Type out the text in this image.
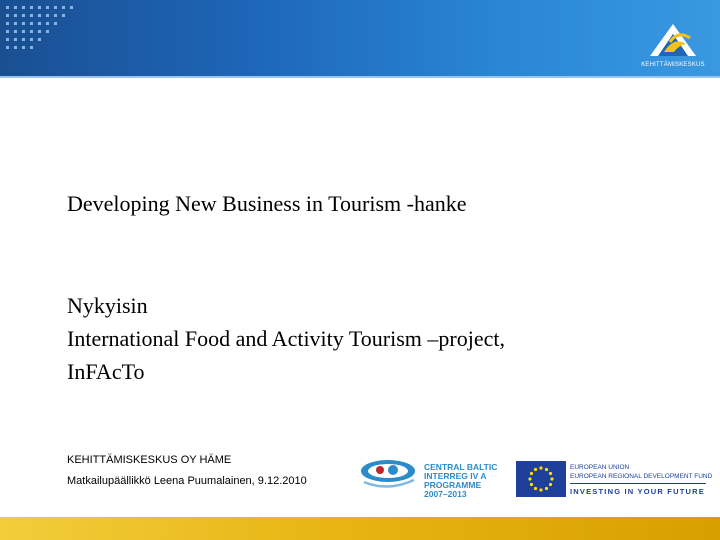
KEHITTÄMISKESKUS
Developing New Business in Tourism -hanke
Nykyisin
International Food and Activity Tourism –project,
InFAcTo
KEHITTÄMISKESKUS OY HÄME
Matkailupäällikkö Leena Puumalainen, 9.12.2010
CENTRAL BALTIC
INTERREG IV A
PROGRAMME
2007–2013
EUROPEAN UNION
EUROPEAN REGIONAL DEVELOPMENT FUND
INVESTING IN YOUR FUTURE
